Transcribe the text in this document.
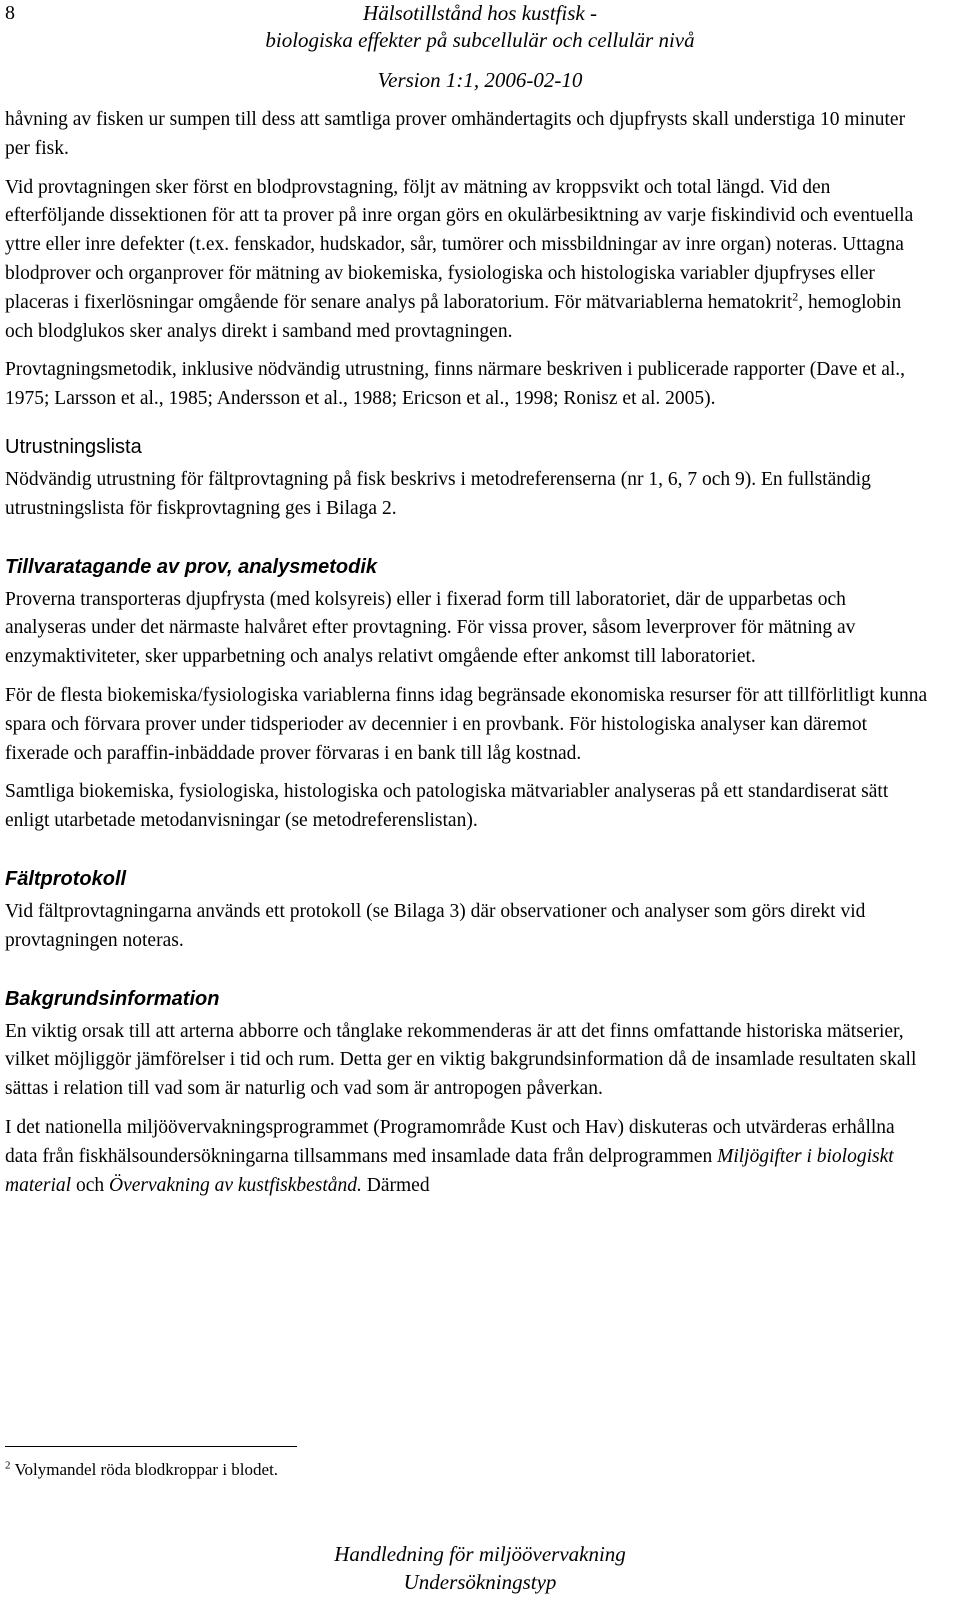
8	Hälsotillstånd hos kustfisk -
biologiska effekter på subcellulär och cellulär nivå
Version 1:1, 2006-02-10

håvning av fisken ur sumpen till dess att samtliga prover omhändertagits och djupfrysts skall understiga 10 minuter per fisk.

Vid provtagningen sker först en blodprovstagning, följt av mätning av kroppsvikt och total längd. Vid den efterföljande dissektionen för att ta prover på inre organ görs en okulärbesiktning av varje fiskindivid och eventuella yttre eller inre defekter (t.ex. fenskador, hudskador, sår, tumörer och missbildningar av inre organ) noteras. Uttagna blodprover och organprover för mätning av biokemiska, fysiologiska och histologiska variabler djupfryses eller placeras i fixerlösningar omgående för senare analys på laboratorium. För mätvariablerna hematokrit$^2$, hemoglobin och blodglukos sker analys direkt i samband med provtagningen.

Provtagningsmetodik, inklusive nödvändig utrustning, finns närmare beskriven i publicerade rapporter (Dave et al., 1975; Larsson et al., 1985; Andersson et al., 1988; Ericson et al., 1998; Ronisz et al. 2005).

Utrustningslista

Nödvändig utrustning för fältprovtagning på fisk beskrivs i metodreferenserna (nr 1, 6, 7 och 9). En fullständig utrustningslista för fiskprovtagning ges i Bilaga 2.

Tillvaratagande av prov, analysmetodik

Proverna transporteras djupfrysta (med kolsyreis) eller i fixerad form till laboratoriet, där de upparbetas och analyseras under det närmaste halvåret efter provtagning. För vissa prover, såsom leverprover för mätning av enzymaktiviteter, sker upparbetning och analys relativt omgående efter ankomst till laboratoriet.

För de flesta biokemiska/fysiologiska variablerna finns idag begränsade ekonomiska resurser för att tillförlitligt kunna spara och förvara prover under tidsperioder av decennier i en provbank. För histologiska analyser kan däremot fixerade och paraffin-inbäddade prover förvaras i en bank till låg kostnad.

Samtliga biokemiska, fysiologiska, histologiska och patologiska mätvariabler analyseras på ett standardiserat sätt enligt utarbetade metodanvisningar (se metodreferenslistan).

Fältprotokoll

Vid fältprovtagningarna används ett protokoll (se Bilaga 3) där observationer och analyser som görs direkt vid provtagningen noteras.

Bakgrundsinformation

En viktig orsak till att arterna abborre och tånglake rekommenderas är att det finns omfattande historiska mätserier, vilket möjliggör jämförelser i tid och rum. Detta ger en viktig bakgrundsinformation då de insamlade resultaten skall sättas i relation till vad som är naturlig och vad som är antropogen påverkan.

I det nationella miljöövervakningsprogrammet (Programområde Kust och Hav) diskuteras och utvärderas erhållna data från fiskhälsoundersökningarna tillsammans med insamlade data från delprogrammen Miljögifter i biologiskt material och Övervakning av kustfiskbestånd. Därmed

$^2$ Volymandel röda blodkroppar i blodet.
Handledning för miljöövervakning
Undersökningstyp
